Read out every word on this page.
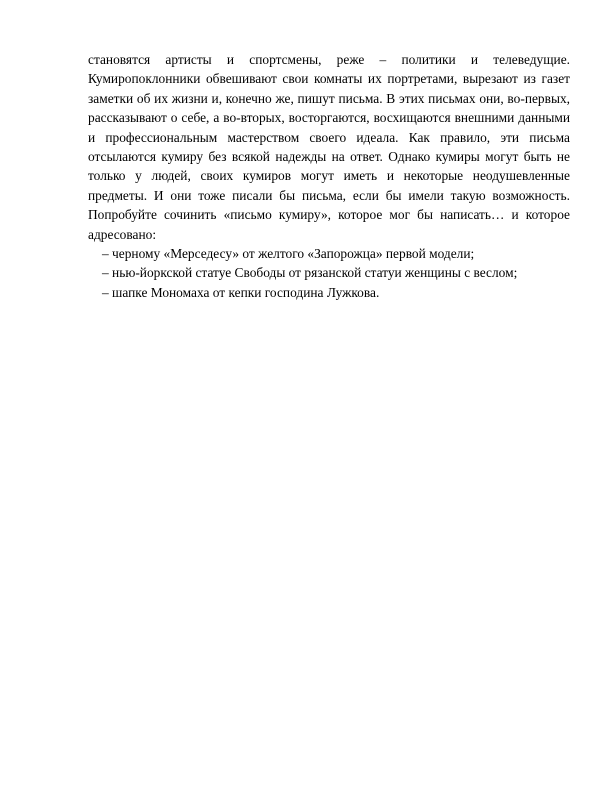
становятся артисты и спортсмены, реже – политики и телеведущие. Кумиропоклонники обвешивают свои комнаты их портретами, вырезают из газет заметки об их жизни и, конечно же, пишут письма. В этих письмах они, во-первых, рассказывают о себе, а во-вторых, восторгаются, восхищаются внешними данными и профессиональным мастерством своего идеала. Как правило, эти письма отсылаются кумиру без всякой надежды на ответ. Однако кумиры могут быть не только у людей, своих кумиров могут иметь и некоторые неодушевленные предметы. И они тоже писали бы письма, если бы имели такую возможность. Попробуйте сочинить «письмо кумиру», которое мог бы написать… и которое адресовано:

– черному «Мерседесу» от желтого «Запорожца» первой модели;
– нью-йоркской статуе Свободы от рязанской статуи женщины с веслом;
– шапке Мономаха от кепки господина Лужкова.
